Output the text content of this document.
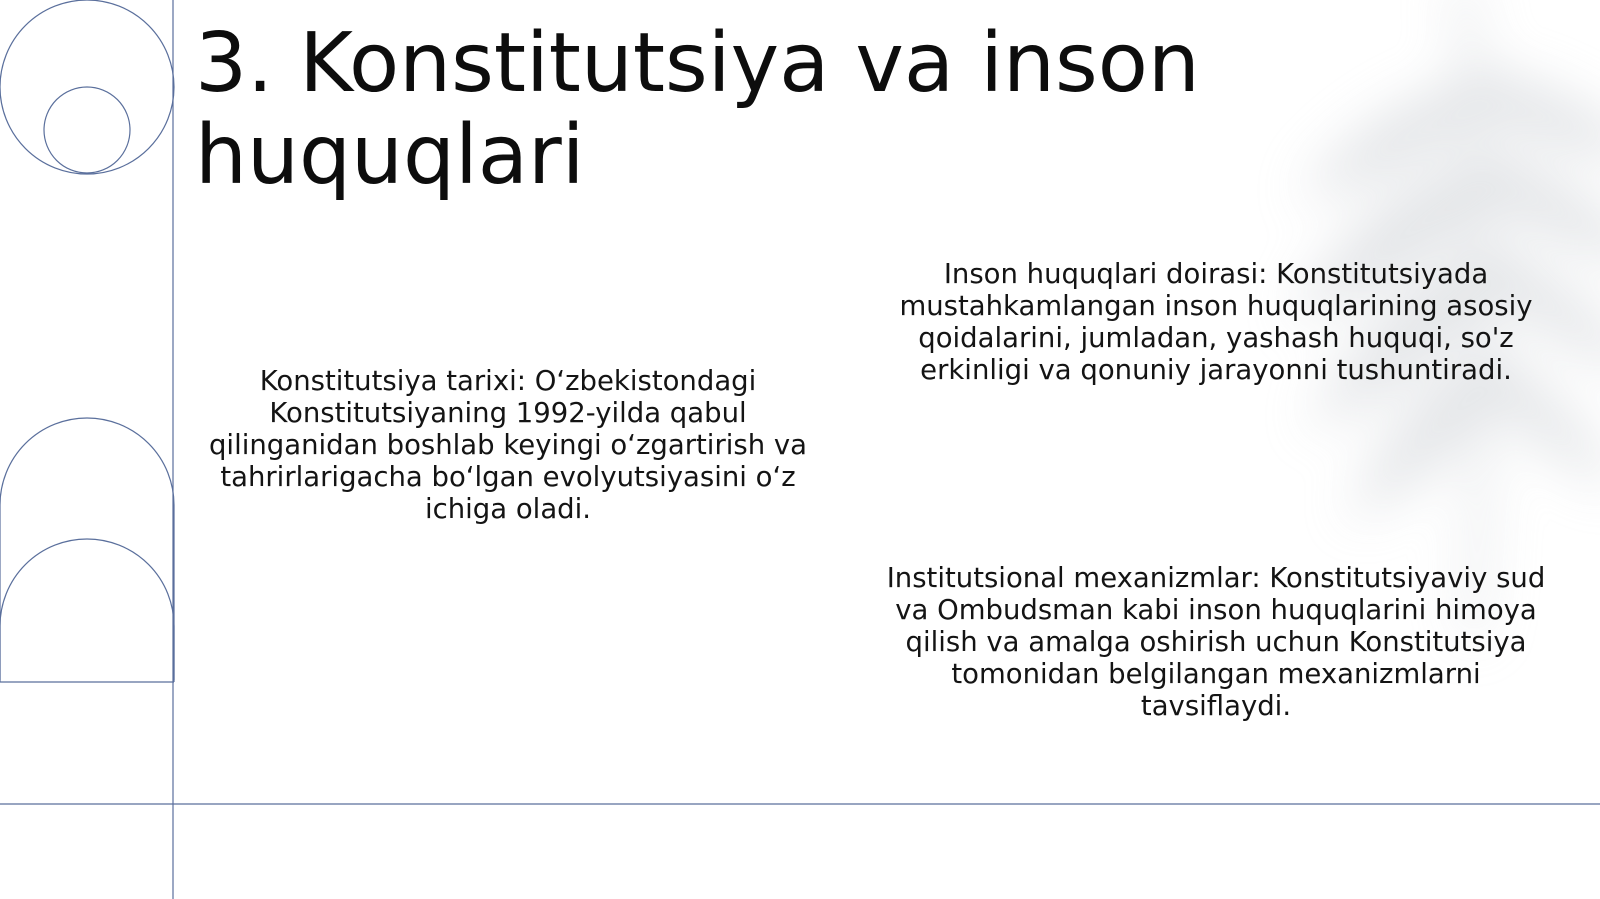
3. Konstitutsiya va inson huquqlari

Konstitutsiya tarixi: O‘zbekistondagi Konstitutsiyaning 1992-yilda qabul qilinganidan boshlab keyingi o‘zgartirish va tahrirlarigacha bo‘lgan evolyutsiyasini o‘z ichiga oladi.

Inson huquqlari doirasi: Konstitutsiyada mustahkamlangan inson huquqlarining asosiy qoidalarini, jumladan, yashash huquqi, so'z erkinligi va qonuniy jarayonni tushuntiradi.

Institutsional mexanizmlar: Konstitutsiyaviy sud va Ombudsman kabi inson huquqlarini himoya qilish va amalga oshirish uchun Konstitutsiya tomonidan belgilangan mexanizmlarni tavsiflaydi.
